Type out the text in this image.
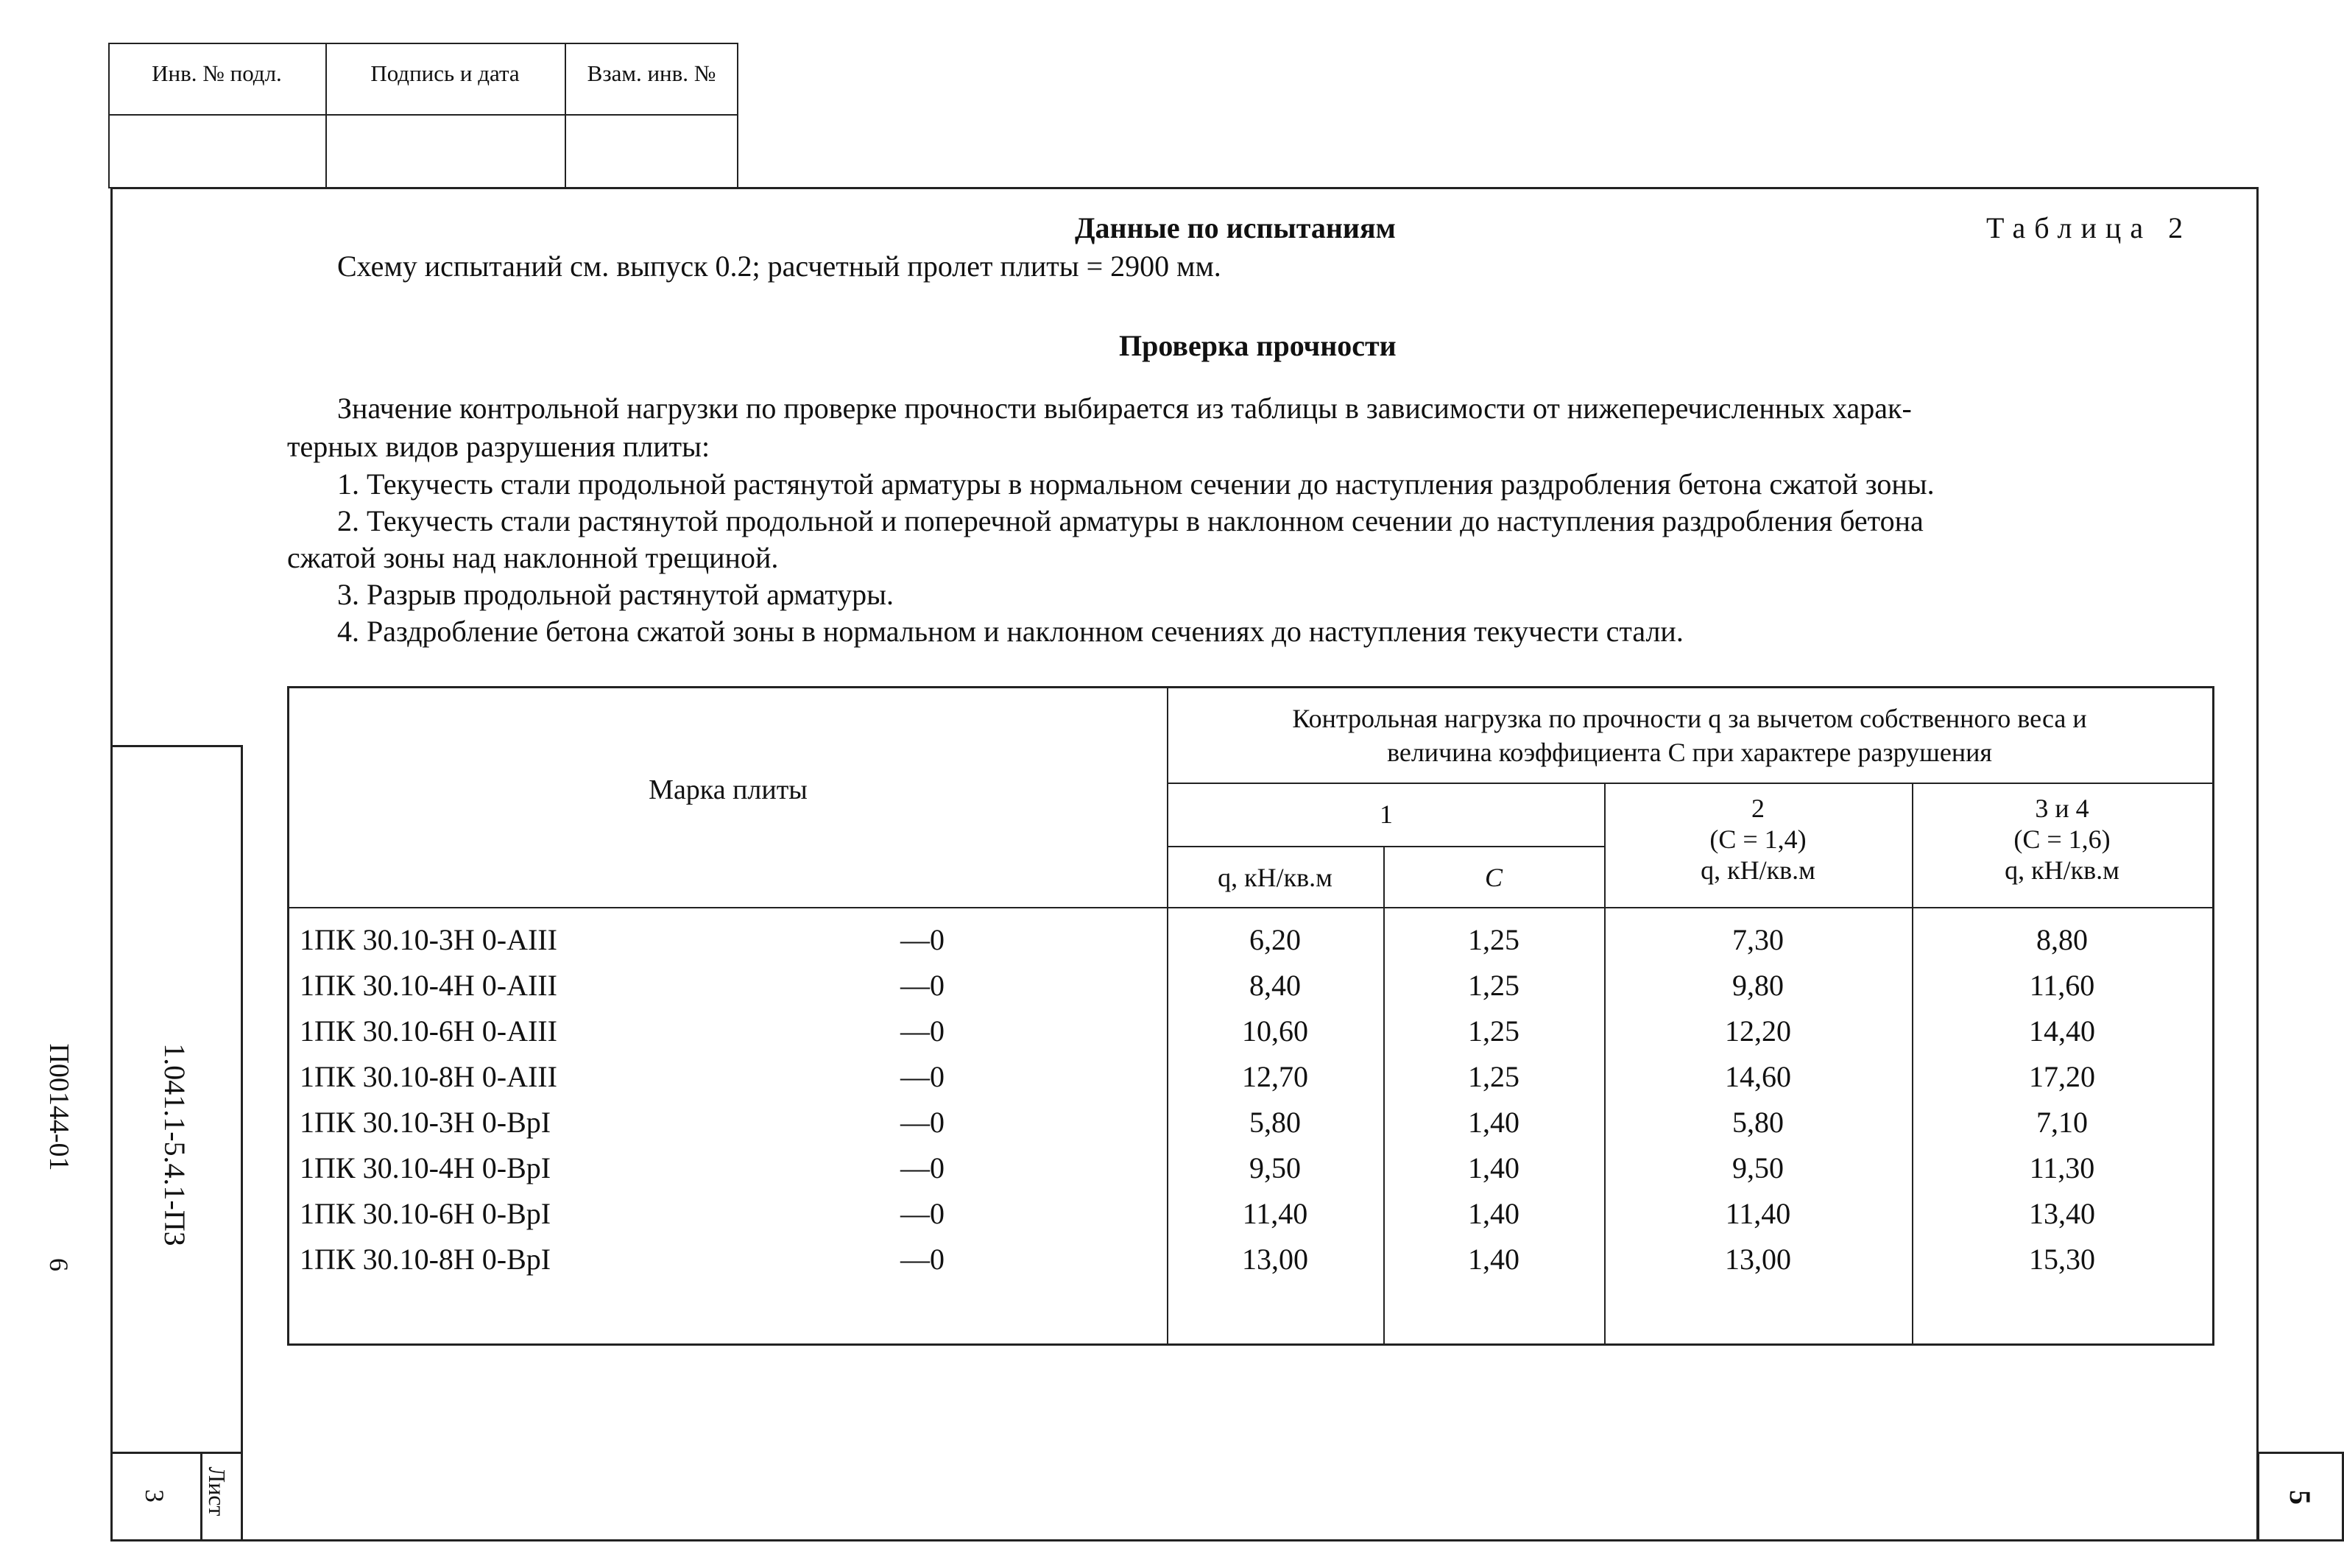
Инв. № подл.	Подпись и дата	Взам. инв. №
1.041.1-5.4.1-ПЗ
П00144-01
6
Лист
3	5
Данные по испытаниям	Таблица 2
Схему испытаний см. выпуск 0.2; расчетный пролет плиты = 2900 мм.
Проверка прочности
Значение контрольной нагрузки по проверке прочности выбирается из таблицы в зависимости от нижеперечисленных харак-
терных видов разрушения плиты:
1. Текучесть стали продольной растянутой арматуры в нормальном сечении до наступления раздробления бетона сжатой зоны.
2. Текучесть стали растянутой продольной и поперечной арматуры в наклонном сечении до наступления раздробления бетона
сжатой зоны над наклонной трещиной.
3. Разрыв продольной растянутой арматуры.
4. Раздробление бетона сжатой зоны в нормальном и наклонном сечениях до наступления текучести стали.
Марка плиты
Контрольная нагрузка по прочности q за вычетом собственного веса и
величина коэффициента C при характере разрушения
1
q, кН/кв.м	C
2
(C = 1,4)
q, кН/кв.м
3 и 4
(C = 1,6)
q, кН/кв.м
1ПК 30.10-3Н 0-АIII	—0	6,20	1,25	7,30	8,80
1ПК 30.10-4Н 0-АIII	—0	8,40	1,25	9,80	11,60
1ПК 30.10-6Н 0-АIII	—0	10,60	1,25	12,20	14,40
1ПК 30.10-8Н 0-АIII	—0	12,70	1,25	14,60	17,20
1ПК 30.10-3Н 0-ВрI	—0	5,80	1,40	5,80	7,10
1ПК 30.10-4Н 0-ВрI	—0	9,50	1,40	9,50	11,30
1ПК 30.10-6Н 0-ВрI	—0	11,40	1,40	11,40	13,40
1ПК 30.10-8Н 0-ВрI	—0	13,00	1,40	13,00	15,30
